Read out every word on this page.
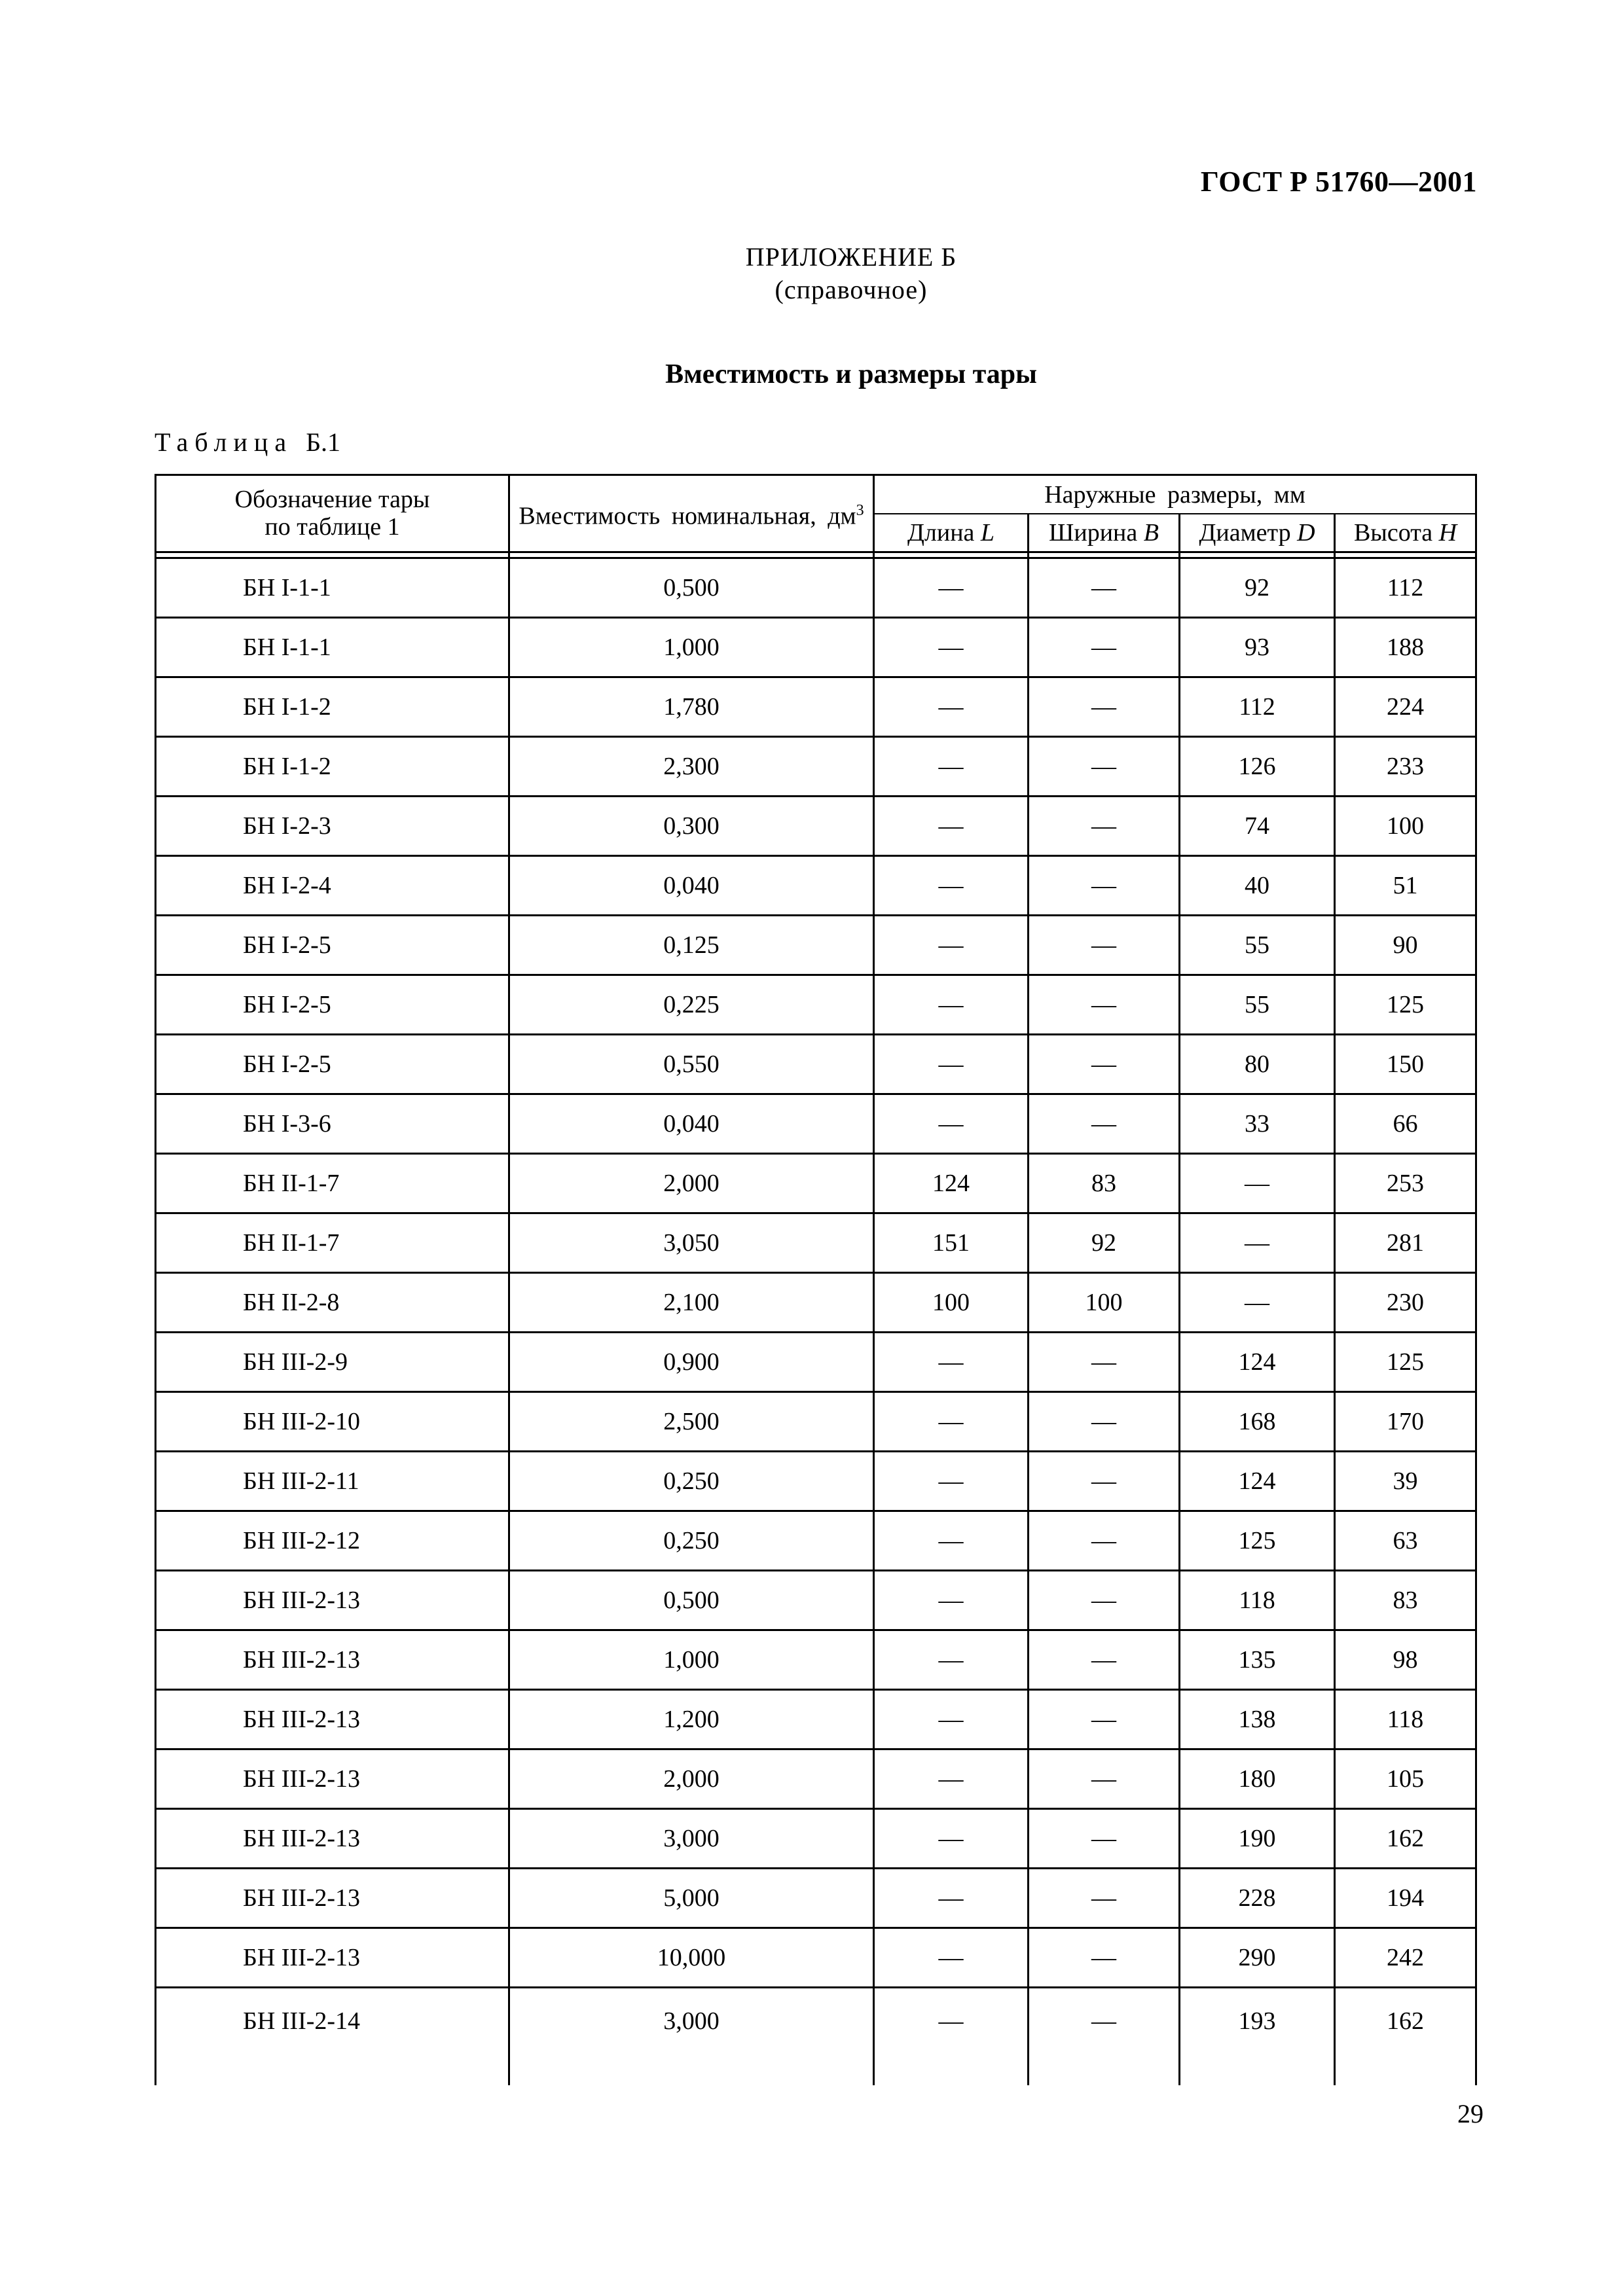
ГОСТ Р 51760—2001
ПРИЛОЖЕНИЕ Б
(справочное)
Вместимость и размеры тары
Таблица Б.1
Обозначение тары по таблице 1	Вместимость номинальная, $дм^3$	Наружные размеры, мм			
		Длина L	Ширина B	Диаметр D	Высота H

БН I-1-1	0,500	—	—	92	112
БН I-1-1	1,000	—	—	93	188
БН I-1-2	1,780	—	—	112	224
БН I-1-2	2,300	—	—	126	233
БН I-2-3	0,300	—	—	74	100
БН I-2-4	0,040	—	—	40	51
БН I-2-5	0,125	—	—	55	90
БН I-2-5	0,225	—	—	55	125
БН I-2-5	0,550	—	—	80	150
БН I-3-6	0,040	—	—	33	66
БН II-1-7	2,000	124	83	—	253
БН II-1-7	3,050	151	92	—	281
БН II-2-8	2,100	100	100	—	230
БН III-2-9	0,900	—	—	124	125
БН III-2-10	2,500	—	—	168	170
БН III-2-11	0,250	—	—	124	39
БН III-2-12	0,250	—	—	125	63
БН III-2-13	0,500	—	—	118	83
БН III-2-13	1,000	—	—	135	98
БН III-2-13	1,200	—	—	138	118
БН III-2-13	2,000	—	—	180	105
БН III-2-13	3,000	—	—	190	162
БН III-2-13	5,000	—	—	228	194
БН III-2-13	10,000	—	—	290	242
БН III-2-14	3,000	—	—	193	162
29
